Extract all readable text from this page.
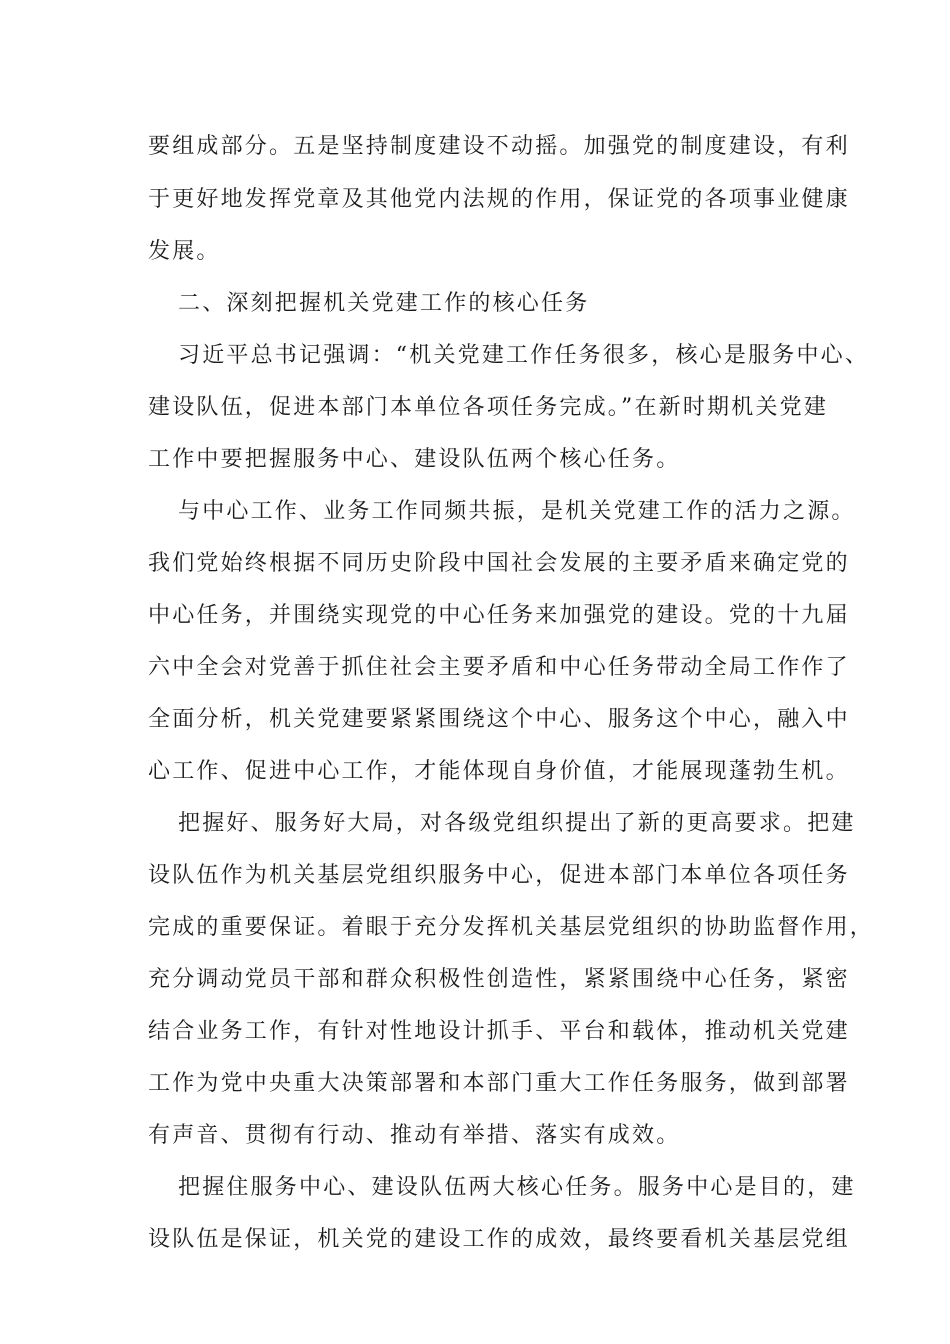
要组成部分。五是坚持制度建设不动摇。加强党的制度建设，有利
于更好地发挥党章及其他党内法规的作用，保证党的各项事业健康
发展。
二、深刻把握机关党建工作的核心任务
习近平总书记强调：“机关党建工作任务很多，核心是服务中心、
建设队伍，促进本部门本单位各项任务完成。”在新时期机关党建
工作中要把握服务中心、建设队伍两个核心任务。
与中心工作、业务工作同频共振，是机关党建工作的活力之源。
我们党始终根据不同历史阶段中国社会发展的主要矛盾来确定党的
中心任务，并围绕实现党的中心任务来加强党的建设。党的十九届
六中全会对党善于抓住社会主要矛盾和中心任务带动全局工作作了
全面分析，机关党建要紧紧围绕这个中心、服务这个中心，融入中
心工作、促进中心工作，才能体现自身价值，才能展现蓬勃生机。
把握好、服务好大局，对各级党组织提出了新的更高要求。把建
设队伍作为机关基层党组织服务中心，促进本部门本单位各项任务
完成的重要保证。着眼于充分发挥机关基层党组织的协助监督作用，
充分调动党员干部和群众积极性创造性，紧紧围绕中心任务，紧密
结合业务工作，有针对性地设计抓手、平台和载体，推动机关党建
工作为党中央重大决策部署和本部门重大工作任务服务，做到部署
有声音、贯彻有行动、推动有举措、落实有成效。
把握住服务中心、建设队伍两大核心任务。服务中心是目的，建
设队伍是保证，机关党的建设工作的成效，最终要看机关基层党组
